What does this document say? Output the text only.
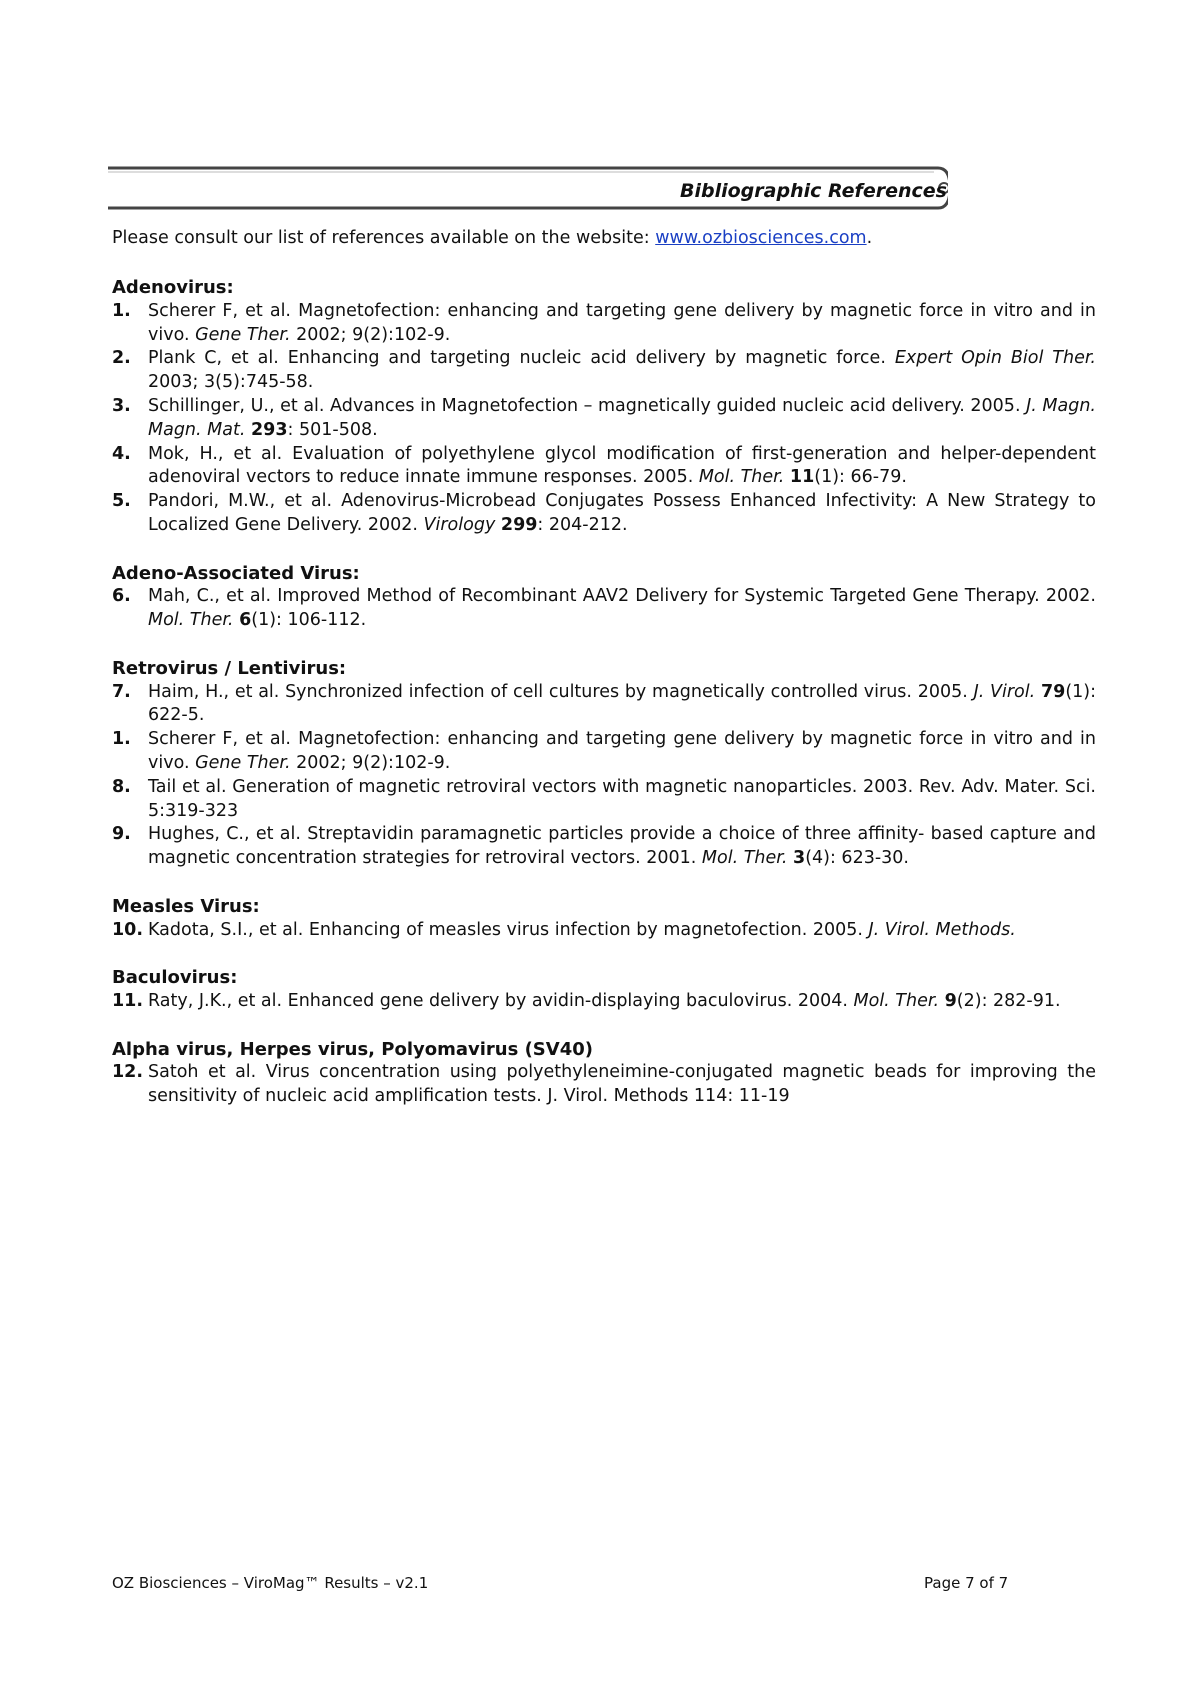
Bibliographic References
Please consult our list of references available on the website: www.ozbiosciences.com.
Adenovirus:
1. Scherer F, et al. Magnetofection: enhancing and targeting gene delivery by magnetic force in vitro and in vivo. Gene Ther. 2002; 9(2):102-9.
2. Plank C, et al. Enhancing and targeting nucleic acid delivery by magnetic force. Expert Opin Biol Ther. 2003; 3(5):745-58.
3. Schillinger, U., et al. Advances in Magnetofection – magnetically guided nucleic acid delivery. 2005. J. Magn. Magn. Mat. 293: 501-508.
4. Mok, H., et al. Evaluation of polyethylene glycol modification of first-generation and helper-dependent adenoviral vectors to reduce innate immune responses. 2005. Mol. Ther. 11(1): 66-79.
5. Pandori, M.W., et al. Adenovirus-Microbead Conjugates Possess Enhanced Infectivity: A New Strategy to Localized Gene Delivery. 2002. Virology 299: 204-212.
Adeno-Associated Virus:
6. Mah, C., et al. Improved Method of Recombinant AAV2 Delivery for Systemic Targeted Gene Therapy. 2002. Mol. Ther. 6(1): 106-112.
Retrovirus / Lentivirus:
7. Haim, H., et al. Synchronized infection of cell cultures by magnetically controlled virus. 2005. J. Virol. 79(1): 622-5.
1. Scherer F, et al. Magnetofection: enhancing and targeting gene delivery by magnetic force in vitro and in vivo. Gene Ther. 2002; 9(2):102-9.
8. Tail et al. Generation of magnetic retroviral vectors with magnetic nanoparticles. 2003. Rev. Adv. Mater. Sci. 5:319-323
9. Hughes, C., et al. Streptavidin paramagnetic particles provide a choice of three affinity- based capture and magnetic concentration strategies for retroviral vectors. 2001. Mol. Ther. 3(4): 623-30.
Measles Virus:
10. Kadota, S.I., et al. Enhancing of measles virus infection by magnetofection. 2005. J. Virol. Methods.
Baculovirus:
11. Raty, J.K., et al. Enhanced gene delivery by avidin-displaying baculovirus. 2004. Mol. Ther. 9(2): 282-91.
Alpha virus, Herpes virus, Polyomavirus (SV40)
12. Satoh et al. Virus concentration using polyethyleneimine-conjugated magnetic beads for improving the sensitivity of nucleic acid amplification tests. J. Virol. Methods 114: 11-19
OZ Biosciences – ViroMag™ Results – v2.1	Page 7 of 7
